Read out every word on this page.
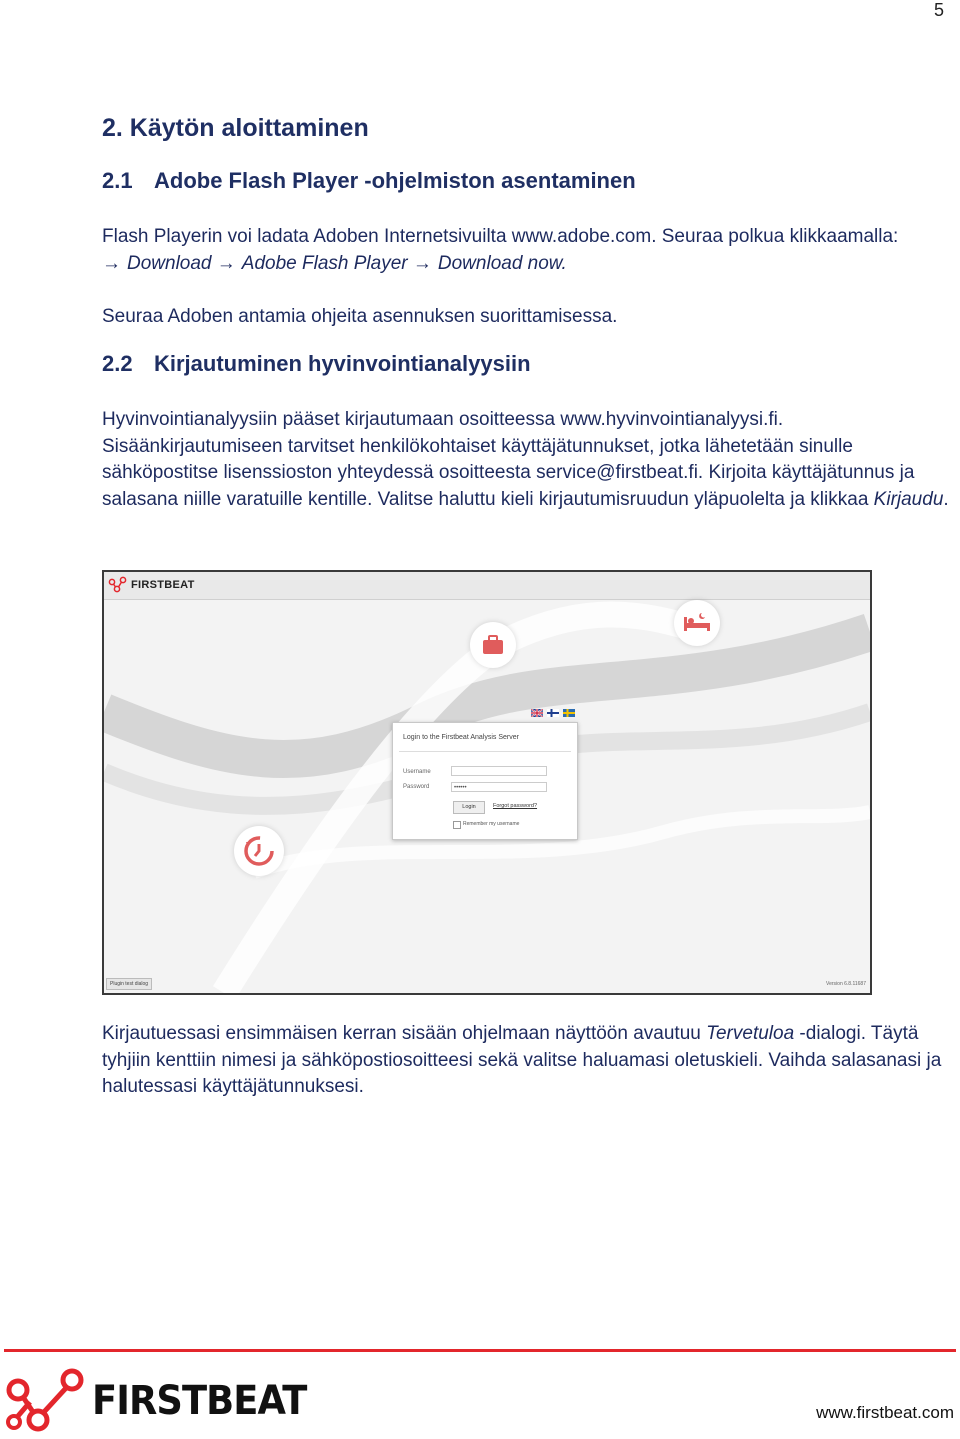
5
2. Käytön aloittaminen
2.1 Adobe Flash Player -ohjelmiston asentaminen
Flash Playerin voi ladata Adoben Internetsivuilta www.adobe.com. Seuraa polkua klikkaamalla:
→ Download → Adobe Flash Player → Download now.
Seuraa Adoben antamia ohjeita asennuksen suorittamisessa.
2.2 Kirjautuminen hyvinvointianalyysiin
Hyvinvointianalyysiin pääset kirjautumaan osoitteessa www.hyvinvointianalyysi.fi. Sisäänkirjautumiseen tarvitset henkilökohtaiset käyttäjätunnukset, jotka lähetetään sinulle sähköpostitse lisenssioston yhteydessä osoitteesta service@firstbeat.fi. Kirjoita käyttäjätunnus ja salasana niille varatuille kentille. Valitse haluttu kieli kirjautumisruudun yläpuolelta ja klikkaa Kirjaudu.
FIRSTBEAT
Login to the Firstbeat Analysis Server
Username
Password	••••••
Login	Forgot password?
Remember my username
Plugin test dialog	Version 6.8.11687
Kirjautuessasi ensimmäisen kerran sisään ohjelmaan näyttöön avautuu Tervetuloa -dialogi. Täytä tyhjiin kenttiin nimesi ja sähköpostiosoitteesi sekä valitse haluamasi oletuskieli. Vaihda salasanasi ja halutessasi käyttäjätunnuksesi.
FIRSTBEAT	www.firstbeat.com
